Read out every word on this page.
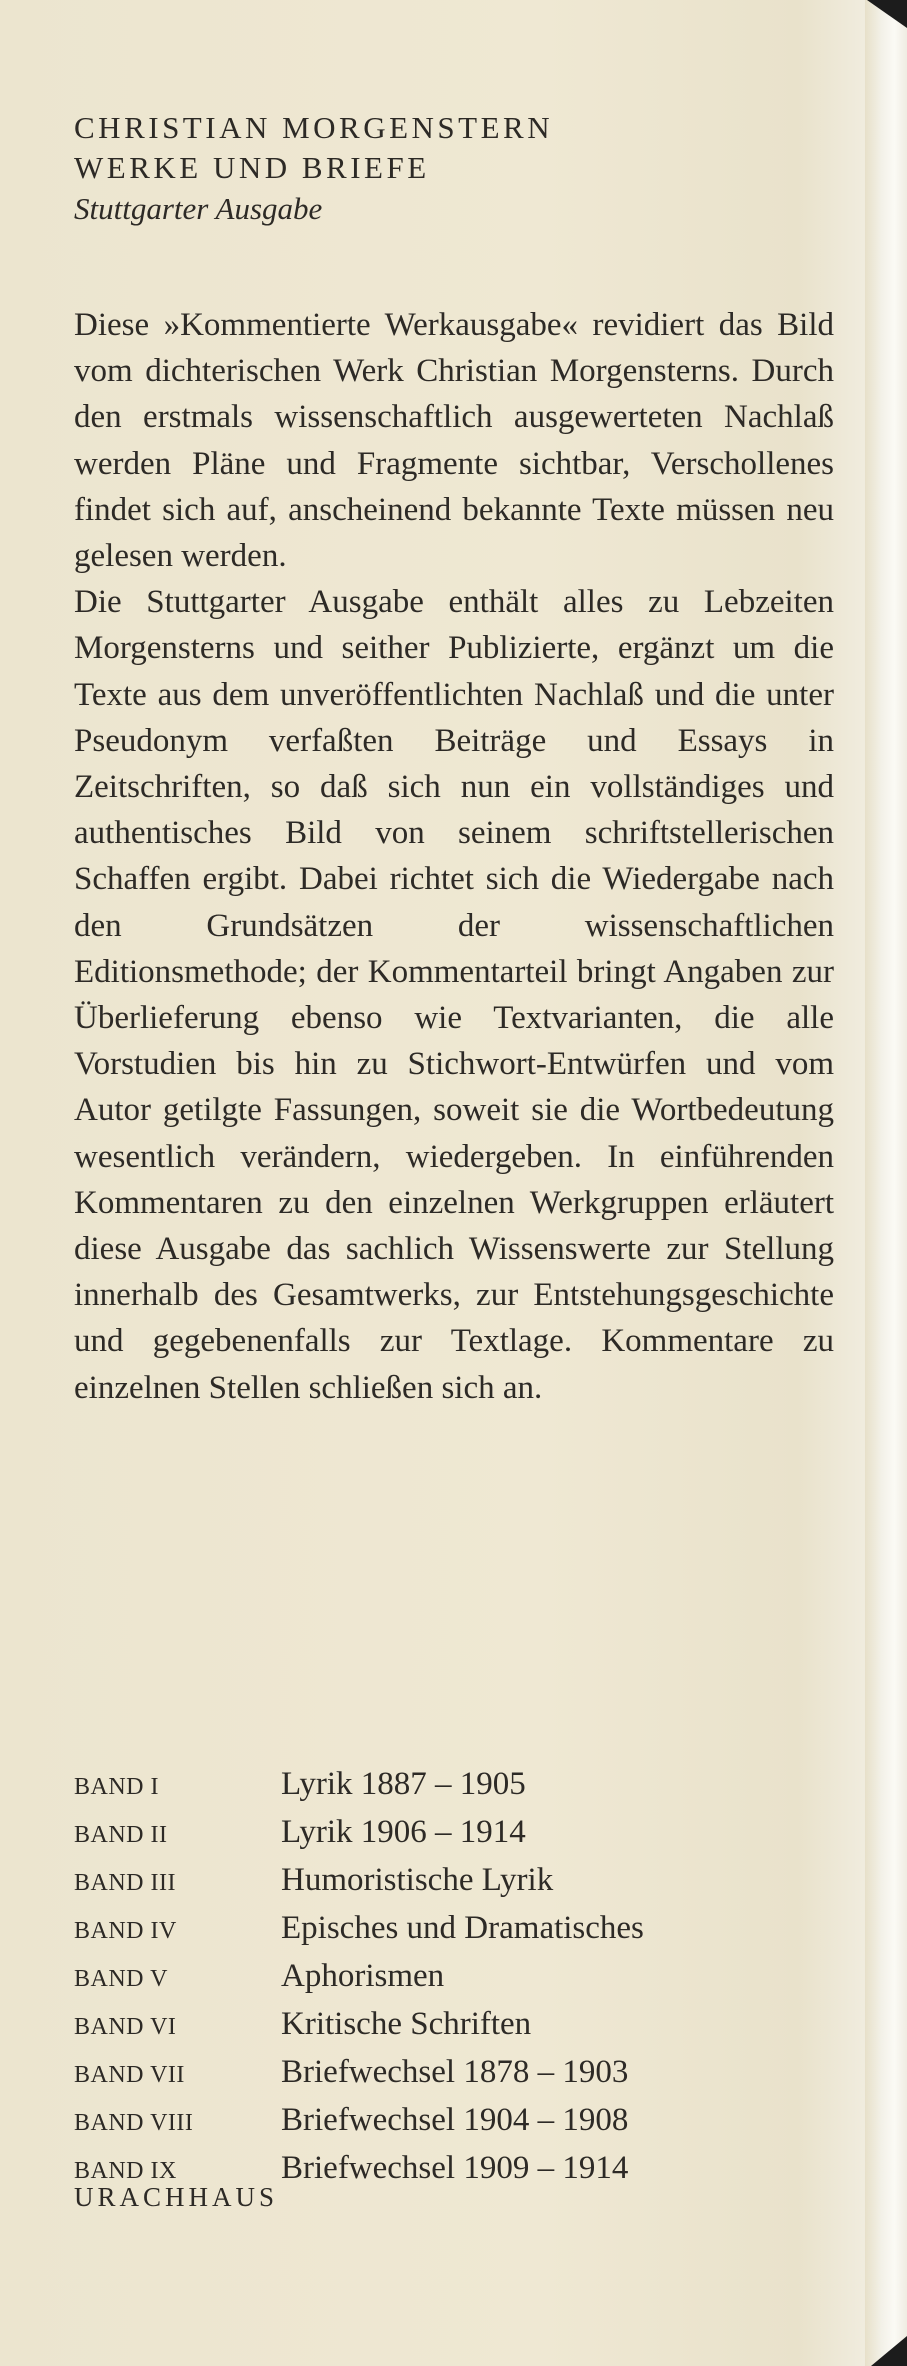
CHRISTIAN MORGENSTERN
WERKE UND BRIEFE
Stuttgarter Ausgabe

Diese »Kommentierte Werkausgabe« revidiert das Bild vom dichterischen Werk Christian Morgensterns. Durch den erstmals wissenschaftlich ausgewerteten Nachlaß werden Pläne und Fragmente sichtbar, Verschollenes findet sich auf, anscheinend bekannte Texte müssen neu gelesen werden.

Die Stuttgarter Ausgabe enthält alles zu Lebzeiten Morgensterns und seither Publizierte, ergänzt um die Texte aus dem unveröffentlichten Nachlaß und die unter Pseudonym verfaßten Beiträge und Essays in Zeitschriften, so daß sich nun ein vollständiges und authentisches Bild von seinem schriftstellerischen Schaffen ergibt. Dabei richtet sich die Wiedergabe nach den Grundsätzen der wissenschaftlichen Editionsmethode; der Kommentarteil bringt Angaben zur Überlieferung ebenso wie Textvarianten, die alle Vorstudien bis hin zu Stichwort-Entwürfen und vom Autor getilgte Fassungen, soweit sie die Wortbedeutung wesentlich verändern, wiedergeben. In einführenden Kommentaren zu den einzelnen Werkgruppen erläutert diese Ausgabe das sachlich Wissenswerte zur Stellung innerhalb des Gesamtwerks, zur Entstehungsgeschichte und gegebenenfalls zur Textlage. Kommentare zu einzelnen Stellen schließen sich an.

BAND I	Lyrik 1887 – 1905
BAND II	Lyrik 1906 – 1914
BAND III	Humoristische Lyrik
BAND IV	Episches und Dramatisches
BAND V	Aphorismen
BAND VI	Kritische Schriften
BAND VII	Briefwechsel 1878 – 1903
BAND VIII	Briefwechsel 1904 – 1908
BAND IX	Briefwechsel 1909 – 1914
URACHHAUS
